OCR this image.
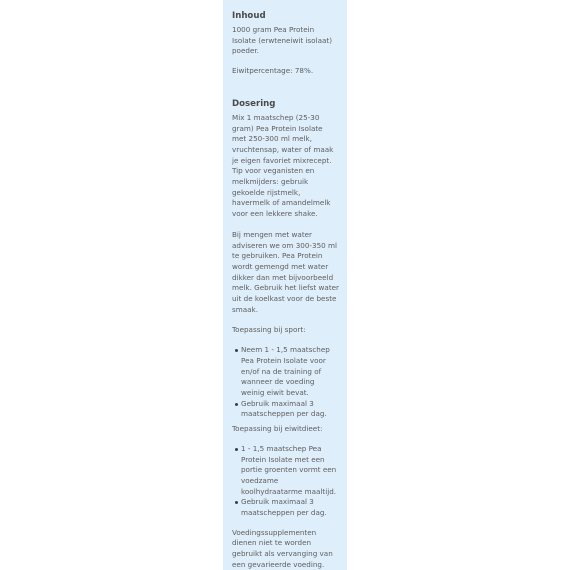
Inhoud

1000 gram Pea Protein Isolate (erwteneiwit isolaat) poeder.

Eiwitpercentage: 78%.

Dosering

Mix 1 maatschep (25-30 gram) Pea Protein Isolate met 250-300 ml melk, vruchtensap, water of maak je eigen favoriet mixrecept. Tip voor veganisten en melkmijders: gebruik gekoelde rijstmelk, havermelk of amandelmelk voor een lekkere shake.

Bij mengen met water adviseren we om 300-350 ml te gebruiken. Pea Protein wordt gemengd met water dikker dan met bijvoorbeeld melk. Gebruik het liefst water uit de koelkast voor de beste smaak.

Toepassing bij sport:

Neem 1 - 1,5 maatschep Pea Protein Isolate voor en/of na de training of wanneer de voeding weinig eiwit bevat.
Gebruik maximaal 3 maatscheppen per dag.

Toepassing bij eiwitdieet:

1 - 1,5 maatschep Pea Protein Isolate met een portie groenten vormt een voedzame koolhydraatarme maaltijd.
Gebruik maximaal 3 maatscheppen per dag.

Voedingssupplementen dienen niet te worden gebruikt als vervanging van een gevarieerde voeding.
